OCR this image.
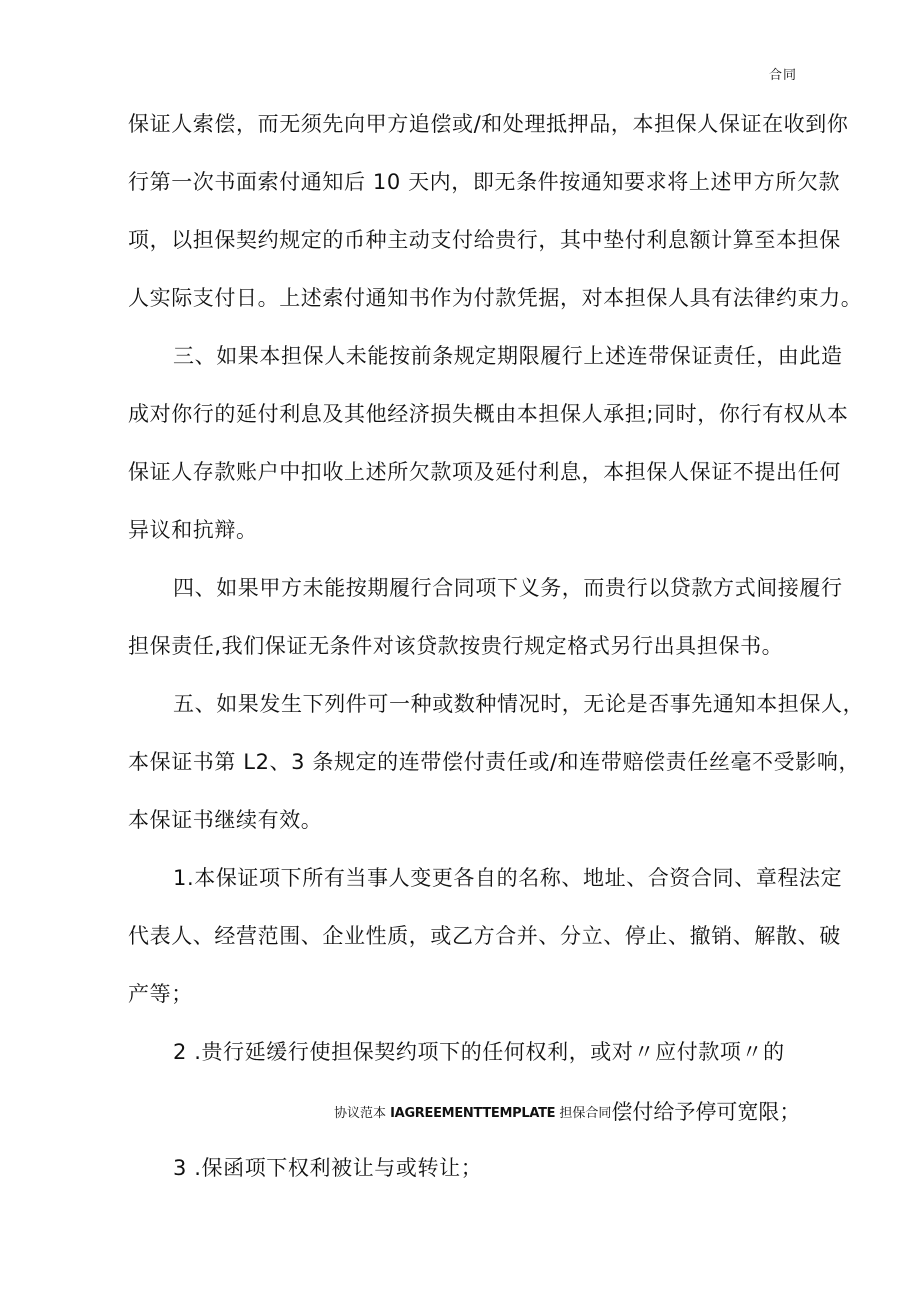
合同
保证人索偿，而无须先向甲方追偿或/和处理抵押品，本担保人保证在收到你
行第一次书面索付通知后 10 天内，即无条件按通知要求将上述甲方所欠款
项，以担保契约规定的币种主动支付给贵行，其中垫付利息额计算至本担保
人实际支付日。上述索付通知书作为付款凭据，对本担保人具有法律约束力。
三、如果本担保人未能按前条规定期限履行上述连带保证责任，由此造
成对你行的延付利息及其他经济损失概由本担保人承担;同时，你行有权从本
保证人存款账户中扣收上述所欠款项及延付利息，本担保人保证不提出任何
异议和抗辩。
四、如果甲方未能按期履行合同项下义务，而贵行以贷款方式间接履行
担保责任,我们保证无条件对该贷款按贵行规定格式另行出具担保书。
五、如果发生下列件可一种或数种情况时，无论是否事先通知本担保人，
本保证书第 L2、3 条规定的连带偿付责任或/和连带赔偿责任丝毫不受影响，
本保证书继续有效。
1.本保证项下所有当事人变更各自的名称、地址、合资合同、章程法定
代表人、经营范围、企业性质，或乙方合并、分立、停止、撤销、解散、破
产等；
2 .贵行延缓行使担保契约项下的任何权利，或对〃应付款项〃的
3 .保函项下权利被让与或转让；
协议范本 IAGREEMENTTEMPLATE 担保合同偿付给予停可宽限；
